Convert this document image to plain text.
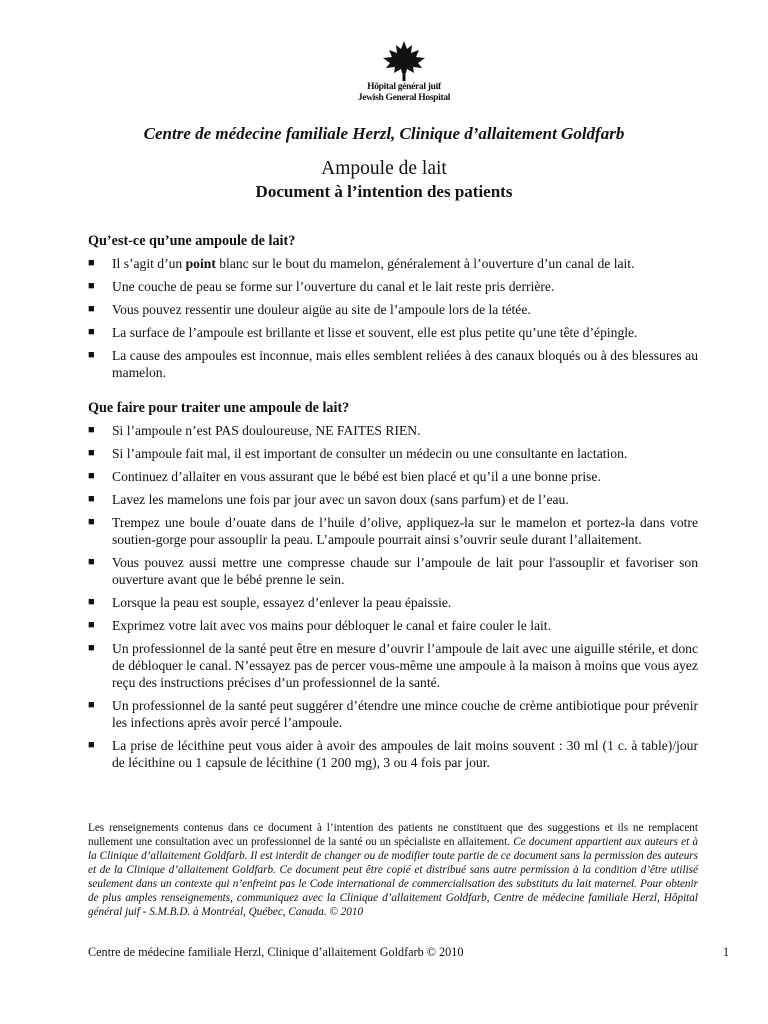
Hôpital général juif
Jewish General Hospital
Centre de médecine familiale Herzl, Clinique d’allaitement Goldfarb
Ampoule de lait
Document à l’intention des patients
Qu’est-ce qu’une ampoule de lait?
■ Il s’agit d’un point blanc sur le bout du mamelon, généralement à l’ouverture d’un canal de lait.
■ Une couche de peau se forme sur l’ouverture du canal et le lait reste pris derrière.
■ Vous pouvez ressentir une douleur aigüe au site de l’ampoule lors de la tétée.
■ La surface de l’ampoule est brillante et lisse et souvent, elle est plus petite qu’une tête d’épingle.
■ La cause des ampoules est inconnue, mais elles semblent reliées à des canaux bloqués ou à des blessures au mamelon.
Que faire pour traiter une ampoule de lait?
■ Si l’ampoule n’est PAS douloureuse, NE FAITES RIEN.
■ Si l’ampoule fait mal, il est important de consulter un médecin ou une consultante en lactation.
■ Continuez d’allaiter en vous assurant que le bébé est bien placé et qu’il a une bonne prise.
■ Lavez les mamelons une fois par jour avec un savon doux (sans parfum) et de l’eau.
■ Trempez une boule d’ouate dans de l’huile d’olive, appliquez-la sur le mamelon et portez-la dans votre soutien-gorge pour assouplir la peau. L’ampoule pourrait ainsi s’ouvrir seule durant l’allaitement.
■ Vous pouvez aussi mettre une compresse chaude sur l’ampoule de lait pour l'assouplir et favoriser son ouverture avant que le bébé prenne le sein.
■ Lorsque la peau est souple, essayez d’enlever la peau épaissie.
■ Exprimez votre lait avec vos mains pour débloquer le canal et faire couler le lait.
■ Un professionnel de la santé peut être en mesure d’ouvrir l’ampoule de lait avec une aiguille stérile, et donc de débloquer le canal. N’essayez pas de percer vous-même une ampoule à la maison à moins que vous ayez reçu des instructions précises d’un professionnel de la santé.
■ Un professionnel de la santé peut suggérer d’étendre une mince couche de crème antibiotique pour prévenir les infections après avoir percé l’ampoule.
■ La prise de lécithine peut vous aider à avoir des ampoules de lait moins souvent : 30 ml (1 c. à table)/jour de lécithine ou 1 capsule de lécithine (1 200 mg), 3 ou 4 fois par jour.
Les renseignements contenus dans ce document à l’intention des patients ne constituent que des suggestions et ils ne remplacent nullement une consultation avec un professionnel de la santé ou un spécialiste en allaitement. Ce document appartient aux auteurs et à la Clinique d’allaitement Goldfarb. Il est interdit de changer ou de modifier toute partie de ce document sans la permission des auteurs et de la Clinique d’allaitement Goldfarb. Ce document peut être copié et distribué sans autre permission à la condition d’être utilisé seulement dans un contexte qui n’enfreint pas le Code international de commercialisation des substituts du lait maternel. Pour obtenir de plus amples renseignements, communiquez avec la Clinique d’allaitement Goldfarb, Centre de médecine familiale Herzl, Hôpital général juif - S.M.B.D. à Montréal, Québec, Canada. © 2010
Centre de médecine familiale Herzl, Clinique d’allaitement Goldfarb © 2010	1
